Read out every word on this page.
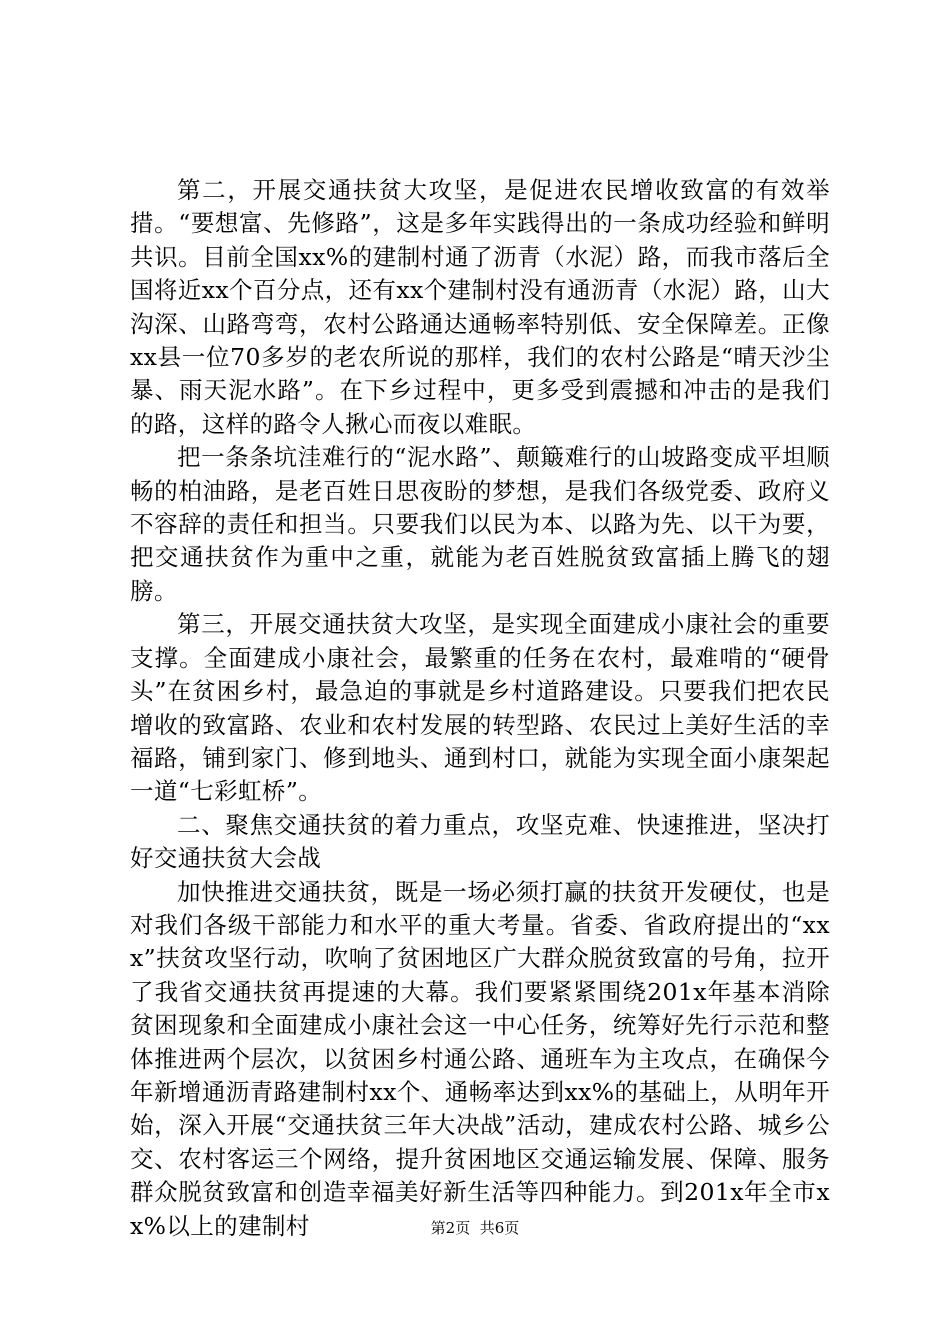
第二，开展交通扶贫大攻坚，是促进农民增收致富的有效举措。“要想富、先修路”，这是多年实践得出的一条成功经验和鲜明共识。目前全国xx%的建制村通了沥青（水泥）路，而我市落后全国将近xx个百分点，还有xx个建制村没有通沥青（水泥）路，山大沟深、山路弯弯，农村公路通达通畅率特别低、安全保障差。正像xx县一位70多岁的老农所说的那样，我们的农村公路是“晴天沙尘暴、雨天泥水路”。在下乡过程中，更多受到震撼和冲击的是我们的路，这样的路令人揪心而夜以难眠。

把一条条坑洼难行的“泥水路”、颠簸难行的山坡路变成平坦顺畅的柏油路，是老百姓日思夜盼的梦想，是我们各级党委、政府义不容辞的责任和担当。只要我们以民为本、以路为先、以干为要，把交通扶贫作为重中之重，就能为老百姓脱贫致富插上腾飞的翅膀。

第三，开展交通扶贫大攻坚，是实现全面建成小康社会的重要支撑。全面建成小康社会，最繁重的任务在农村，最难啃的“硬骨头”在贫困乡村，最急迫的事就是乡村道路建设。只要我们把农民增收的致富路、农业和农村发展的转型路、农民过上美好生活的幸福路，铺到家门、修到地头、通到村口，就能为实现全面小康架起一道“七彩虹桥”。

二、聚焦交通扶贫的着力重点，攻坚克难、快速推进，坚决打好交通扶贫大会战

加快推进交通扶贫，既是一场必须打赢的扶贫开发硬仗，也是对我们各级干部能力和水平的重大考量。省委、省政府提出的“xxx”扶贫攻坚行动，吹响了贫困地区广大群众脱贫致富的号角，拉开了我省交通扶贫再提速的大幕。我们要紧紧围绕201x年基本消除贫困现象和全面建成小康社会这一中心任务，统筹好先行示范和整体推进两个层次，以贫困乡村通公路、通班车为主攻点，在确保今年新增通沥青路建制村xx个、通畅率达到xx%的基础上，从明年开始，深入开展“交通扶贫三年大决战”活动，建成农村公路、城乡公交、农村客运三个网络，提升贫困地区交通运输发展、保障、服务群众脱贫致富和创造幸福美好新生活等四种能力。到201x年全市xx%以上的建制村	第2页 共6页
